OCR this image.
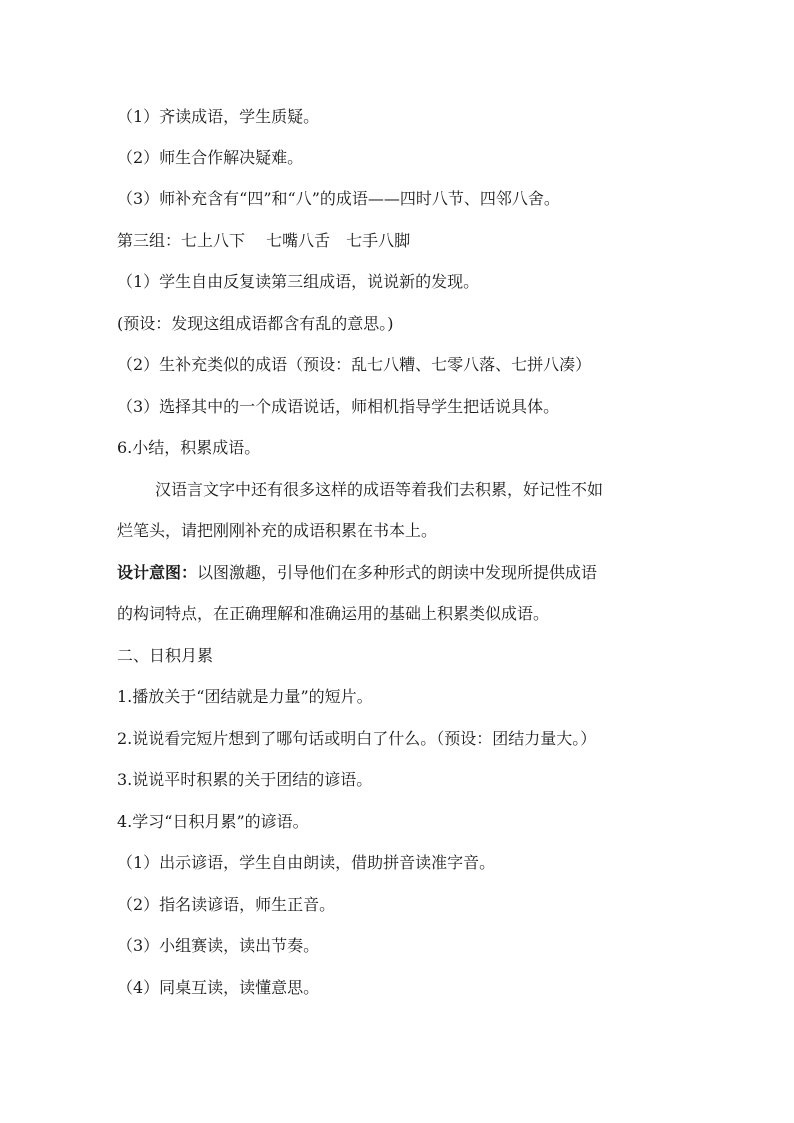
（1）齐读成语，学生质疑。
（2）师生合作解决疑难。
（3）师补充含有“四”和“八”的成语——四时八节、四邻八舍。
第三组：七上八下　 七嘴八舌　七手八脚
（1）学生自由反复读第三组成语，说说新的发现。
(预设：发现这组成语都含有乱的意思。)
（2）生补充类似的成语（预设：乱七八糟、七零八落、七拼八凑）
（3）选择其中的一个成语说话，师相机指导学生把话说具体。
6.小结，积累成语。
汉语言文字中还有很多这样的成语等着我们去积累，好记性不如
烂笔头，请把刚刚补充的成语积累在书本上。
设计意图：以图激趣，引导他们在多种形式的朗读中发现所提供成语
的构词特点，在正确理解和准确运用的基础上积累类似成语。
二、日积月累
1.播放关于“团结就是力量”的短片。
2.说说看完短片想到了哪句话或明白了什么。（预设：团结力量大。）
3.说说平时积累的关于团结的谚语。
4.学习“日积月累”的谚语。
（1）出示谚语，学生自由朗读，借助拼音读准字音。
（2）指名读谚语，师生正音。
（3）小组赛读，读出节奏。
（4）同桌互读，读懂意思。
